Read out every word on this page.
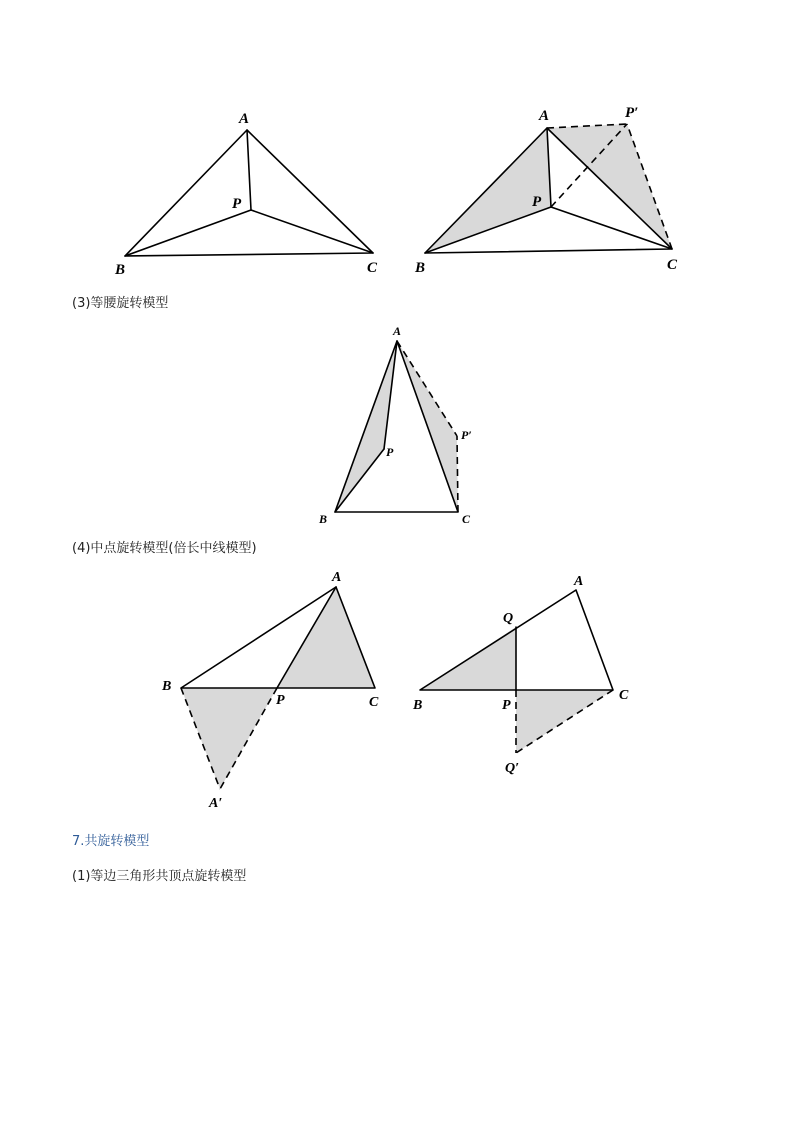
A
B	C
P
A	P′
P
B	C
(3)等腰旋转模型
A
P
P′
B	C
(4)中点旋转模型(倍长中线模型)
A
B
P	C
A′
A
Q
B	P
C
Q′
7.共旋转模型
(1)等边三角形共顶点旋转模型
